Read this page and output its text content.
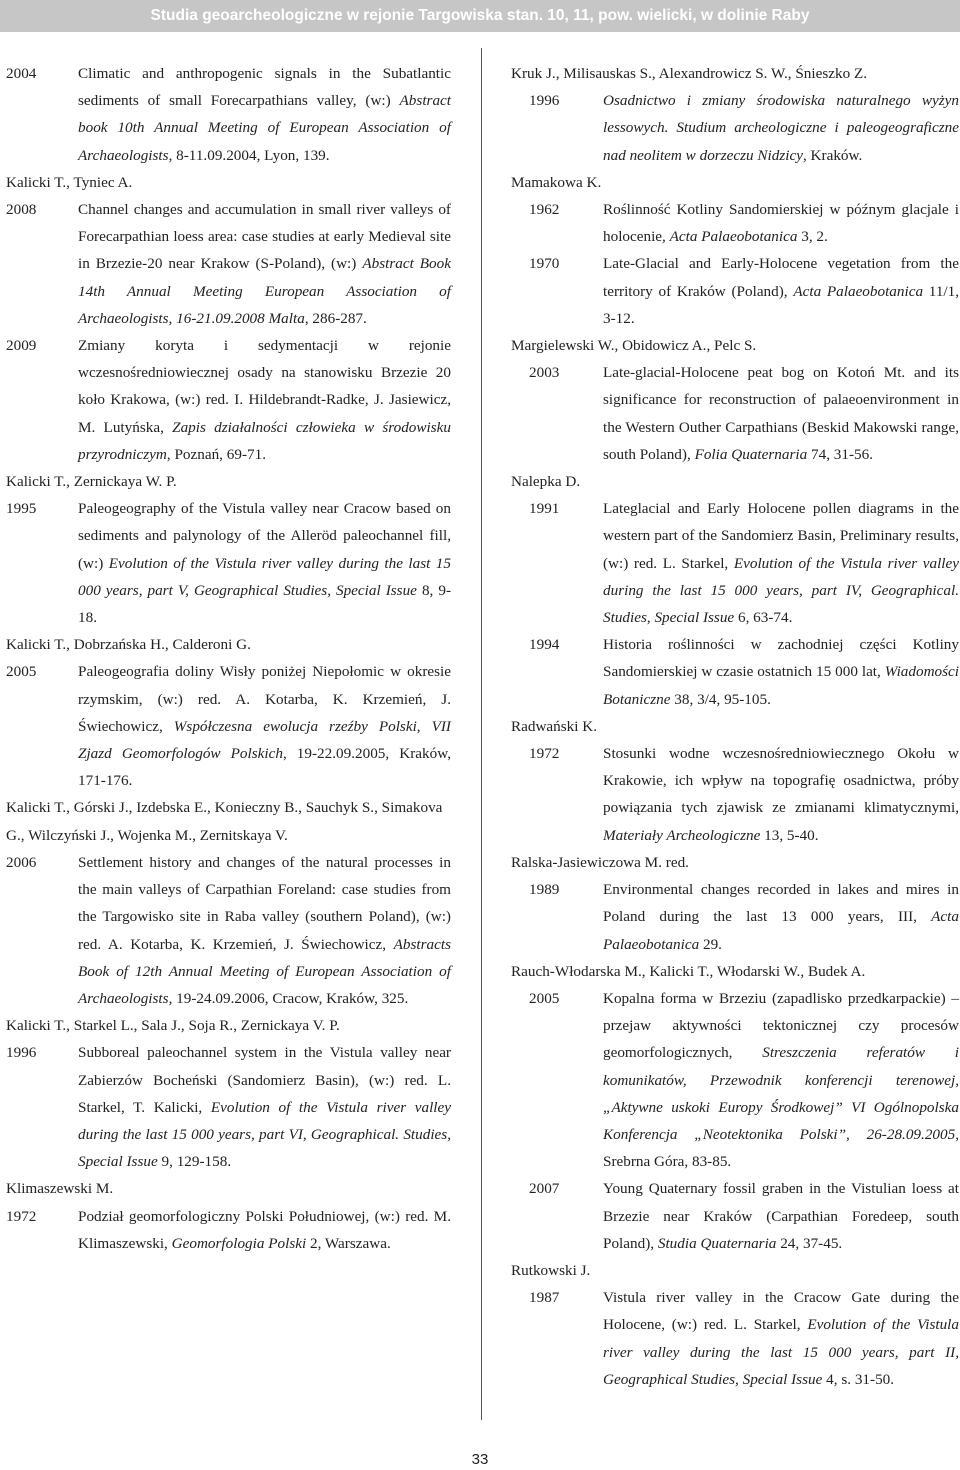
Studia geoarcheologiczne w rejonie Targowiska stan. 10, 11, pow. wielicki, w dolinie Raby
2004	Climatic and anthropogenic signals in the Subatlantic sediments of small Forecarpathians valley, (w:) Abstract book 10th Annual Meeting of European Association of Archaeologists, 8-11.09.2004, Lyon, 139.
Kalicki T., Tyniec A.
2008	Channel changes and accumulation in small river valleys of Forecarpathian loess area: case studies at early Medieval site in Brzezie-20 near Krakow (S-Poland), (w:) Abstract Book 14th Annual Meeting European Association of Archaeologists, 16-21.09.2008 Malta, 286-287.
2009	Zmiany koryta i sedymentacji w rejonie wczesnośredniowiecznej osady na stanowisku Brzezie 20 koło Krakowa, (w:) red. I. Hildebrandt-Radke, J. Jasiewicz, M. Lutyńska, Zapis działalności człowieka w środowisku przyrodniczym, Poznań, 69-71.
Kalicki T., Zernickaya W. P.
1995	Paleogeography of the Vistula valley near Cracow based on sediments and palynology of the Alleröd paleochannel fill, (w:) Evolution of the Vistula river valley during the last 15 000 years, part V, Geographical Studies, Special Issue 8, 9-18.
Kalicki T., Dobrzańska H., Calderoni G.
2005	Paleogeografia doliny Wisły poniżej Niepołomic w okresie rzymskim, (w:) red. A. Kotarba, K. Krzemień, J. Świechowicz, Współczesna ewolucja rzeźby Polski, VII Zjazd Geomorfologów Polskich, 19-22.09.2005, Kraków, 171-176.
Kalicki T., Górski J., Izdebska E., Konieczny B., Sauchyk S., Simakova G., Wilczyński J., Wojenka M., Zernitskaya V.
2006	Settlement history and changes of the natural processes in the main valleys of Carpathian Foreland: case studies from the Targowisko site in Raba valley (southern Poland), (w:) red. A. Kotarba, K. Krzemień, J. Świechowicz, Abstracts Book of 12th Annual Meeting of European Association of Archaeologists, 19-24.09.2006, Cracow, Kraków, 325.
Kalicki T., Starkel L., Sala J., Soja R., Zernickaya V. P.
1996	Subboreal paleochannel system in the Vistula valley near Zabierzów Bocheński (Sandomierz Basin), (w:) red. L. Starkel, T. Kalicki, Evolution of the Vistula river valley during the last 15 000 years, part VI, Geographical. Studies, Special Issue 9, 129-158.
Klimaszewski M.
1972	Podział geomorfologiczny Polski Południowej, (w:) red. M. Klimaszewski, Geomorfologia Polski 2, Warszawa.
Kruk J., Milisauskas S., Alexandrowicz S. W., Śnieszko Z.
1996	Osadnictwo i zmiany środowiska naturalnego wyżyn lessowych. Studium archeologiczne i paleogeograficzne nad neolitem w dorzeczu Nidzicy, Kraków.
Mamakowa K.
1962	Roślinność Kotliny Sandomierskiej w późnym glacjale i holocenie, Acta Palaeobotanica 3, 2.
1970	Late-Glacial and Early-Holocene vegetation from the territory of Kraków (Poland), Acta Palaeobotanica 11/1, 3-12.
Margielewski W., Obidowicz A., Pelc S.
2003	Late-glacial-Holocene peat bog on Kotoń Mt. and its significance for reconstruction of palaeoenvironment in the Western Outher Carpathians (Beskid Makowski range, south Poland), Folia Quaternaria 74, 31-56.
Nalepka D.
1991	Lateglacial and Early Holocene pollen diagrams in the western part of the Sandomierz Basin, Preliminary results, (w:) red. L. Starkel, Evolution of the Vistula river valley during the last 15 000 years, part IV, Geographical. Studies, Special Issue 6, 63-74.
1994	Historia roślinności w zachodniej części Kotliny Sandomierskiej w czasie ostatnich 15 000 lat, Wiadomości Botaniczne 38, 3/4, 95-105.
Radwański K.
1972	Stosunki wodne wczesnośredniowiecznego Okołu w Krakowie, ich wpływ na topografię osadnictwa, próby powiązania tych zjawisk ze zmianami klimatycznymi, Materiały Archeologiczne 13, 5-40.
Ralska-Jasiewiczowa M. red.
1989	Environmental changes recorded in lakes and mires in Poland during the last 13 000 years, III, Acta Palaeobotanica 29.
Rauch-Włodarska M., Kalicki T., Włodarski W., Budek A.
2005	Kopalna forma w Brzeziu (zapadlisko przedkarpackie) – przejaw aktywności tektonicznej czy procesów geomorfologicznych, Streszczenia referatów i komunikatów, Przewodnik konferencji terenowej, „Aktywne uskoki Europy Środkowej” VI Ogólnopolska Konferencja „Neotektonika Polski”, 26-28.09.2005, Srebrna Góra, 83-85.
2007	Young Quaternary fossil graben in the Vistulian loess at Brzezie near Kraków (Carpathian Foredeep, south Poland), Studia Quaternaria 24, 37-45.
Rutkowski J.
1987	Vistula river valley in the Cracow Gate during the Holocene, (w:) red. L. Starkel, Evolution of the Vistula river valley during the last 15 000 years, part II, Geographical Studies, Special Issue 4, s. 31-50.
33
